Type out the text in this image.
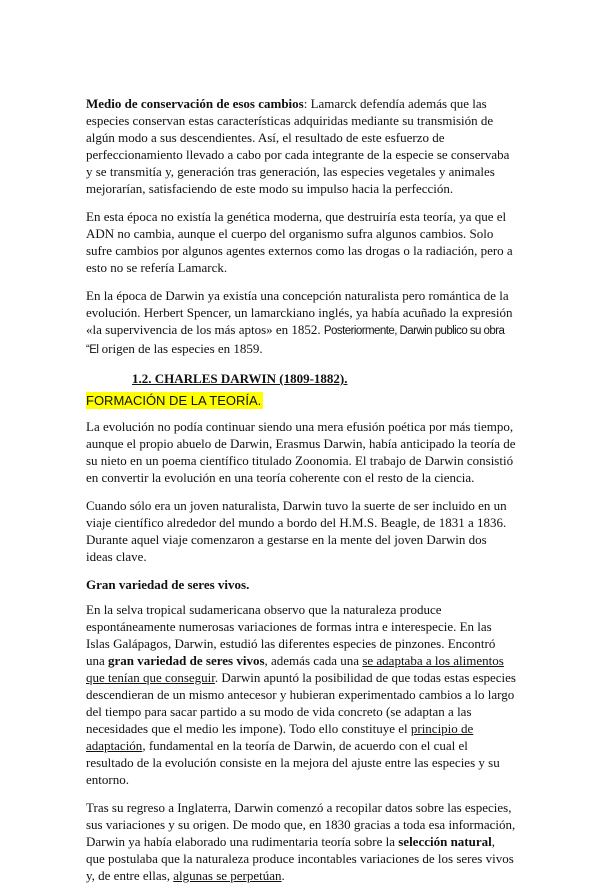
Medio de conservación de esos cambios: Lamarck defendía además que las especies conservan estas características adquiridas mediante su transmisión de algún modo a sus descendientes. Así, el resultado de este esfuerzo de perfeccionamiento llevado a cabo por cada integrante de la especie se conservaba y se transmitía y, generación tras generación, las especies vegetales y animales mejorarían, satisfaciendo de este modo su impulso hacia la perfección.

En esta época no existía la genética moderna, que destruiría esta teoría, ya que el ADN no cambia, aunque el cuerpo del organismo sufra algunos cambios. Solo sufre cambios por algunos agentes externos como las drogas o la radiación, pero a esto no se refería Lamarck.

En la época de Darwin ya existía una concepción naturalista pero romántica de la evolución. Herbert Spencer, un lamarckiano inglés, ya había acuñado la expresión «la supervivencia de los más aptos» en 1852. Posteriormente, Darwin publico su obra “El origen de las especies en 1859.

1.2. CHARLES DARWIN (1809-1882).

FORMACIÓN DE LA TEORÍA.

La evolución no podía continuar siendo una mera efusión poética por más tiempo, aunque el propio abuelo de Darwin, Erasmus Darwin, había anticipado la teoría de su nieto en un poema científico titulado Zoonomia. El trabajo de Darwin consistió en convertir la evolución en una teoría coherente con el resto de la ciencia.

Cuando sólo era un joven naturalista, Darwin tuvo la suerte de ser incluido en un viaje científico alrededor del mundo a bordo del H.M.S. Beagle, de 1831 a 1836. Durante aquel viaje comenzaron a gestarse en la mente del joven Darwin dos ideas clave.

Gran variedad de seres vivos.

En la selva tropical sudamericana observo que la naturaleza produce espontáneamente numerosas variaciones de formas intra e interespecie. En las Islas Galápagos, Darwin, estudió las diferentes especies de pinzones. Encontró una gran variedad de seres vivos, además cada una se adaptaba a los alimentos que tenían que conseguir. Darwin apuntó la posibilidad de que todas estas especies descendieran de un mismo antecesor y hubieran experimentado cambios a lo largo del tiempo para sacar partido a su modo de vida concreto (se adaptan a las necesidades que el medio les impone). Todo ello constituye el principio de adaptación, fundamental en la teoría de Darwin, de acuerdo con el cual el resultado de la evolución consiste en la mejora del ajuste entre las especies y su entorno.

Tras su regreso a Inglaterra, Darwin comenzó a recopilar datos sobre las especies, sus variaciones y su origen. De modo que, en 1830 gracias a toda esa información, Darwin ya había elaborado una rudimentaria teoría sobre la selección natural, que postulaba que la naturaleza produce incontables variaciones de los seres vivos y, de entre ellas, algunas se perpetúan.
